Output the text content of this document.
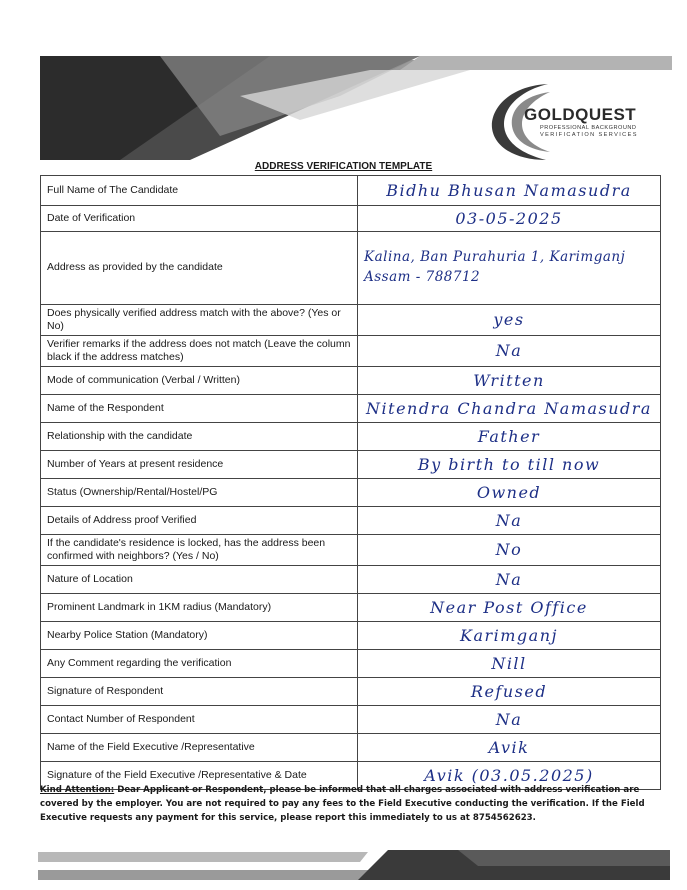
GOLDQUEST
PROFESSIONAL BACKGROUND
VERIFICATION SERVICES
ADDRESS VERIFICATION TEMPLATE
Full Name of The Candidate	Bidhu Bhusan Namasudra
Date of Verification	03-05-2025
Address as provided by the candidate	Kalina, Ban Purahuria 1, Karimganj Assam - 788712
Does physically verified address match with the above? (Yes or No)	yes
Verifier remarks if the address does not match (Leave the column black if the address matches)	Na
Mode of communication (Verbal / Written)	Written
Name of the Respondent	Nitendra Chandra Namasudra
Relationship with the candidate	Father
Number of Years at present residence	By birth to till now
Status (Ownership/Rental/Hostel/PG	Owned
Details of Address proof Verified	Na
If the candidate's residence is locked, has the address been confirmed with neighbors? (Yes / No)	No
Nature of Location	Na
Prominent Landmark in 1KM radius (Mandatory)	Near Post Office
Nearby Police Station (Mandatory)	Karimganj
Any Comment regarding the verification	Nill
Signature of Respondent	Refused
Contact Number of Respondent	Na
Name of the Field Executive /Representative	Avik
Signature of the Field Executive /Representative & Date	Avik (03.05.2025)
Kind Attention: Dear Applicant or Respondent, please be informed that all charges associated with address verification are covered by the employer. You are not required to pay any fees to the Field Executive conducting the verification. If the Field Executive requests any payment for this service, please report this immediately to us at 8754562623.
